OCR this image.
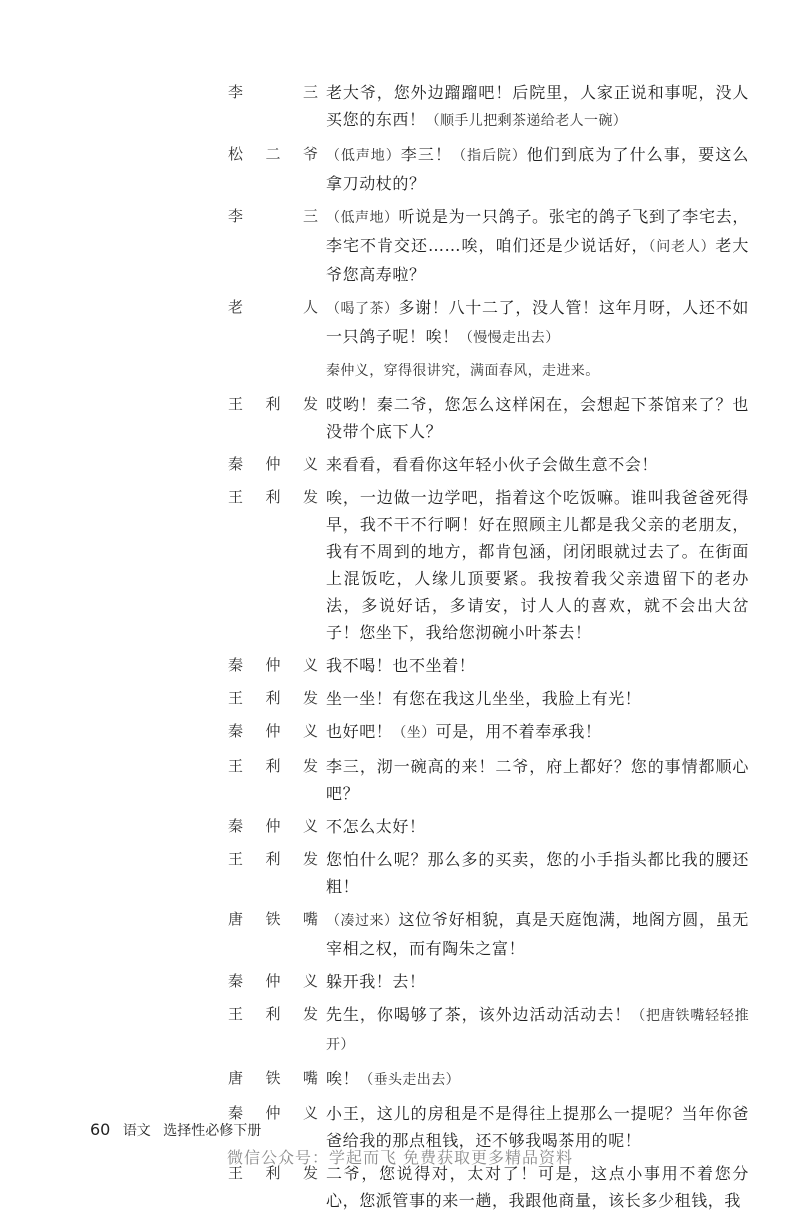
李三 老大爷，您外边蹓蹓吧！后院里，人家正说和事呢，没人买您的东西！（顺手儿把剩茶递给老人一碗）
松二爷 （低声地）李三！（指后院）他们到底为了什么事，要这么拿刀动杖的？
李三 （低声地）听说是为一只鸽子。张宅的鸽子飞到了李宅去，李宅不肯交还……唉，咱们还是少说话好，（问老人）老大爷您高寿啦？
老人 （喝了茶）多谢！八十二了，没人管！这年月呀，人还不如一只鸽子呢！唉！（慢慢走出去）
秦仲义，穿得很讲究，满面春风，走进来。
王利发 哎哟！秦二爷，您怎么这样闲在，会想起下茶馆来了？也没带个底下人？
秦仲义 来看看，看看你这年轻小伙子会做生意不会！
王利发 唉，一边做一边学吧，指着这个吃饭嘛。谁叫我爸爸死得早，我不干不行啊！好在照顾主儿都是我父亲的老朋友，我有不周到的地方，都肯包涵，闭闭眼就过去了。在街面上混饭吃，人缘儿顶要紧。我按着我父亲遗留下的老办法，多说好话，多请安，讨人人的喜欢，就不会出大岔子！您坐下，我给您沏碗小叶茶去！
秦仲义 我不喝！也不坐着！
王利发 坐一坐！有您在我这儿坐坐，我脸上有光！
秦仲义 也好吧！（坐）可是，用不着奉承我！
王利发 李三，沏一碗高的来！二爷，府上都好？您的事情都顺心吧？
秦仲义 不怎么太好！
王利发 您怕什么呢？那么多的买卖，您的小手指头都比我的腰还粗！
唐铁嘴 （凑过来）这位爷好相貌，真是天庭饱满，地阁方圆，虽无宰相之权，而有陶朱之富！
秦仲义 躲开我！去！
王利发 先生，你喝够了茶，该外边活动活动去！（把唐铁嘴轻轻推开）
唐铁嘴 唉！（垂头走出去）
秦仲义 小王，这儿的房租是不是得往上提那么一提呢？当年你爸爸给我的那点租钱，还不够我喝茶用的呢！
王利发 二爷，您说得对，太对了！可是，这点小事用不着您分心，您派管事的来一趟，我跟他商量，该长多少租钱，我
60 语文 选择性必修下册
微信公众号：学起而飞 免费获取更多精品资料
